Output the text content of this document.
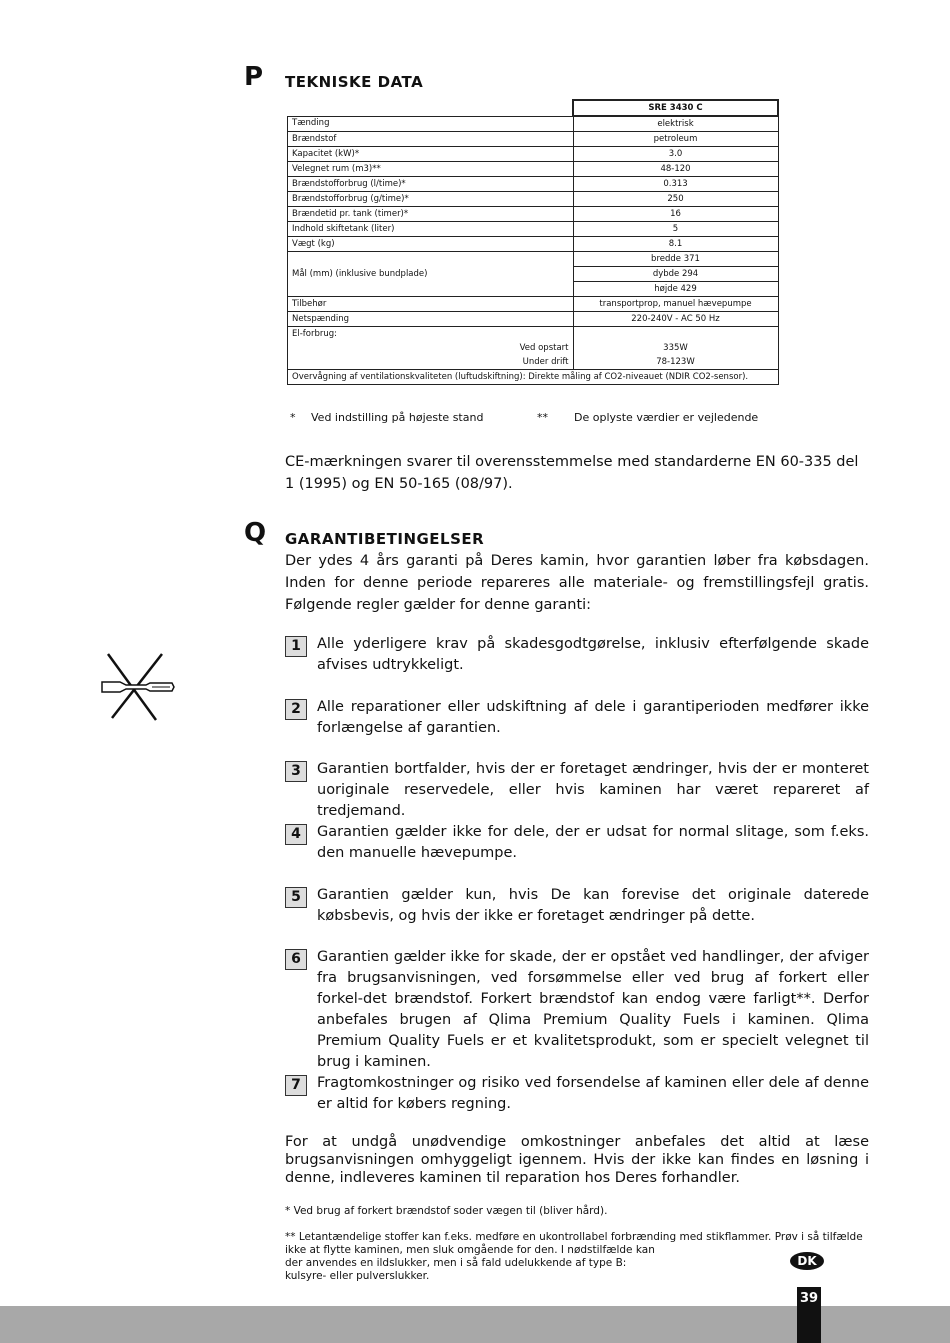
P TEKNISKE DATA
	SRE 3430 C
Tænding	elektrisk
Brændstof	petroleum
Kapacitet (kW)*	3.0
Velegnet rum (m3)**	48-120
Brændstofforbrug (l/time)*	0.313
Brændstofforbrug (g/time)*	250
Brændetid pr. tank (timer)*	16
Indhold skiftetank (liter)	5
Vægt (kg)	8.1
Mål (mm) (inklusive bundplade)	bredde 371
	dybde 294
	højde 429
Tilbehør	transportprop, manuel hævepumpe
Netspænding	220-240V - AC 50 Hz
El-forbrug:	
Ved opstart	335W
Under drift	78-123W
Overvågning af ventilationskvaliteten (luftudskiftning): Direkte måling af CO2-niveauet (NDIR CO2-sensor).	
* Ved indstilling på højeste stand	** De oplyste værdier er vejledende
CE-mærkningen svarer til overensstemmelse med standarderne EN 60-335 del 1 (1995) og EN 50-165 (08/97).
Q GARANTIBETINGELSER
Der ydes 4 års garanti på Deres kamin, hvor garantien løber fra købsdagen. Inden for denne periode repareres alle materiale- og fremstillingsfejl gratis. Følgende regler gælder for denne garanti:
1	Alle yderligere krav på skadesgodtgørelse, inklusiv efterfølgende skade afvises udtrykkeligt.
2	Alle reparationer eller udskiftning af dele i garantiperioden medfører ikke forlængelse af garantien.
3	Garantien bortfalder, hvis der er foretaget ændringer, hvis der er monteret uoriginale reservedele, eller hvis kaminen har været repareret af tredjemand.
4	Garantien gælder ikke for dele, der er udsat for normal slitage, som f.eks. den manuelle hævepumpe.
5	Garantien gælder kun, hvis De kan forevise det originale daterede købsbevis, og hvis der ikke er foretaget ændringer på dette.
6	Garantien gælder ikke for skade, der er opstået ved handlinger, der afviger fra brugsanvisningen, ved forsømmelse eller ved brug af forkert eller forkel-det brændstof. Forkert brændstof kan endog være farligt**. Derfor anbefales brugen af Qlima Premium Quality Fuels i kaminen. Qlima Premium Quality Fuels er et kvalitetsprodukt, som er specielt velegnet til brug i kaminen.
7	Fragtomkostninger og risiko ved forsendelse af kaminen eller dele af denne er altid for købers regning.
For at undgå unødvendige omkostninger anbefales det altid at læse brugsanvisningen omhyggeligt igennem. Hvis der ikke kan findes en løsning i denne, indleveres kaminen til reparation hos Deres forhandler.
* Ved brug af forkert brændstof soder vægen til (bliver hård).
** Letantændelige stoffer kan f.eks. medføre en ukontrollabel forbrænding med stikflammer. Prøv i så tilfælde
ikke at flytte kaminen, men sluk omgående for den. I nødstilfælde kan
der anvendes en ildslukker, men i så fald udelukkende af type B:
kulsyre- eller pulverslukker.
DK
39
